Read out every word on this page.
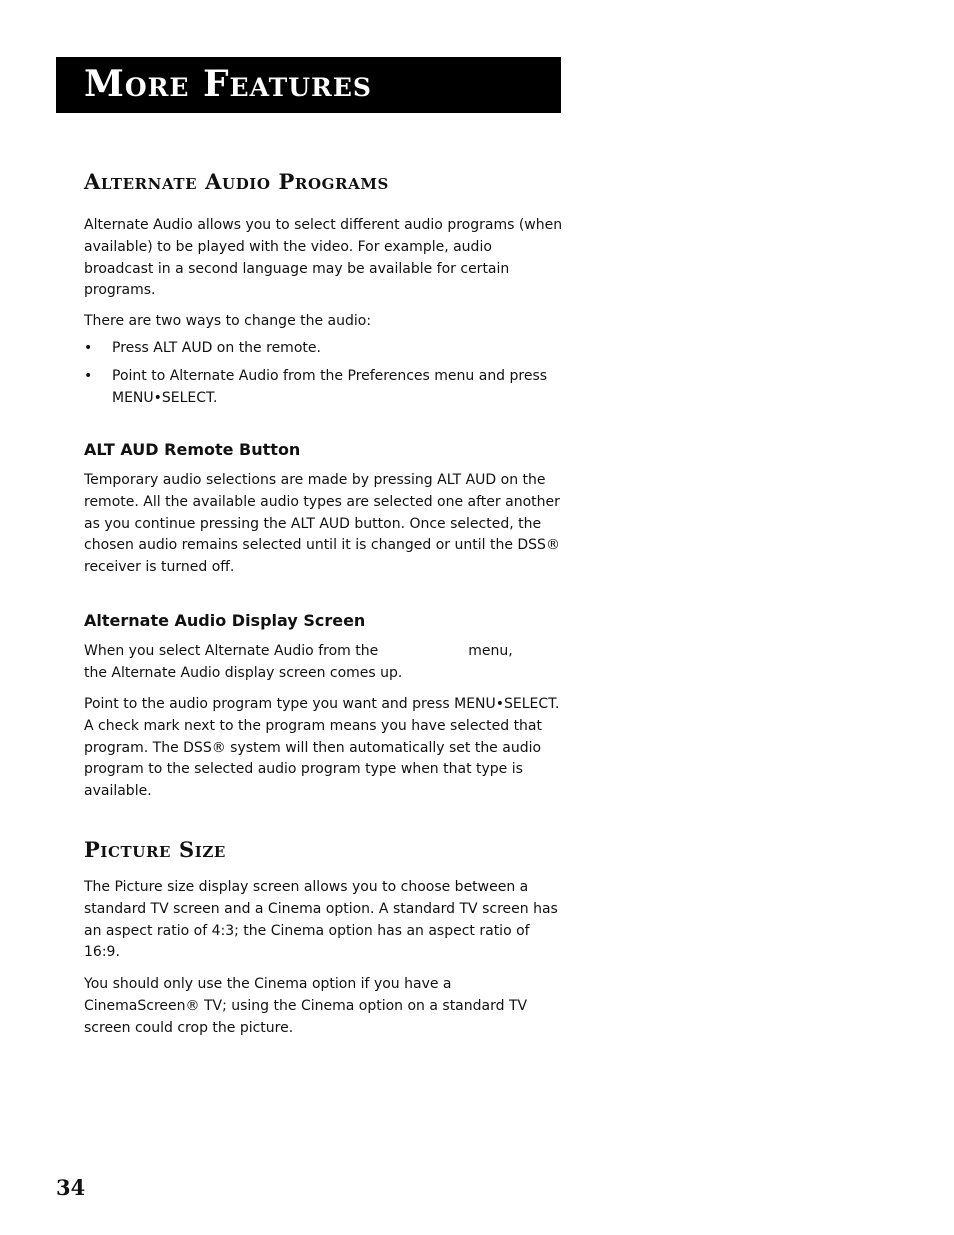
More Features
Alternate Audio Programs

Alternate Audio allows you to select different audio programs (when available) to be played with the video. For example, audio broadcast in a second language may be available for certain programs.

There are two ways to change the audio:

• Press ALT AUD on the remote.
• Point to Alternate Audio from the Preferences menu and press MENU•SELECT.
ALT AUD Remote Button

Temporary audio selections are made by pressing ALT AUD on the remote. All the available audio types are selected one after another as you continue pressing the ALT AUD button. Once selected, the chosen audio remains selected until it is changed or until the DSS® receiver is turned off.

Alternate Audio Display Screen

When you select Alternate Audio from the	menu,
the Alternate Audio display screen comes up.

Point to the audio program type you want and press MENU•SELECT. A check mark next to the program means you have selected that program. The DSS® system will then automatically set the audio program to the selected audio program type when that type is available.

Picture Size

The Picture size display screen allows you to choose between a standard TV screen and a Cinema option. A standard TV screen has an aspect ratio of 4:3; the Cinema option has an aspect ratio of 16:9.

You should only use the Cinema option if you have a CinemaScreen® TV; using the Cinema option on a standard TV screen could crop the picture.

34
